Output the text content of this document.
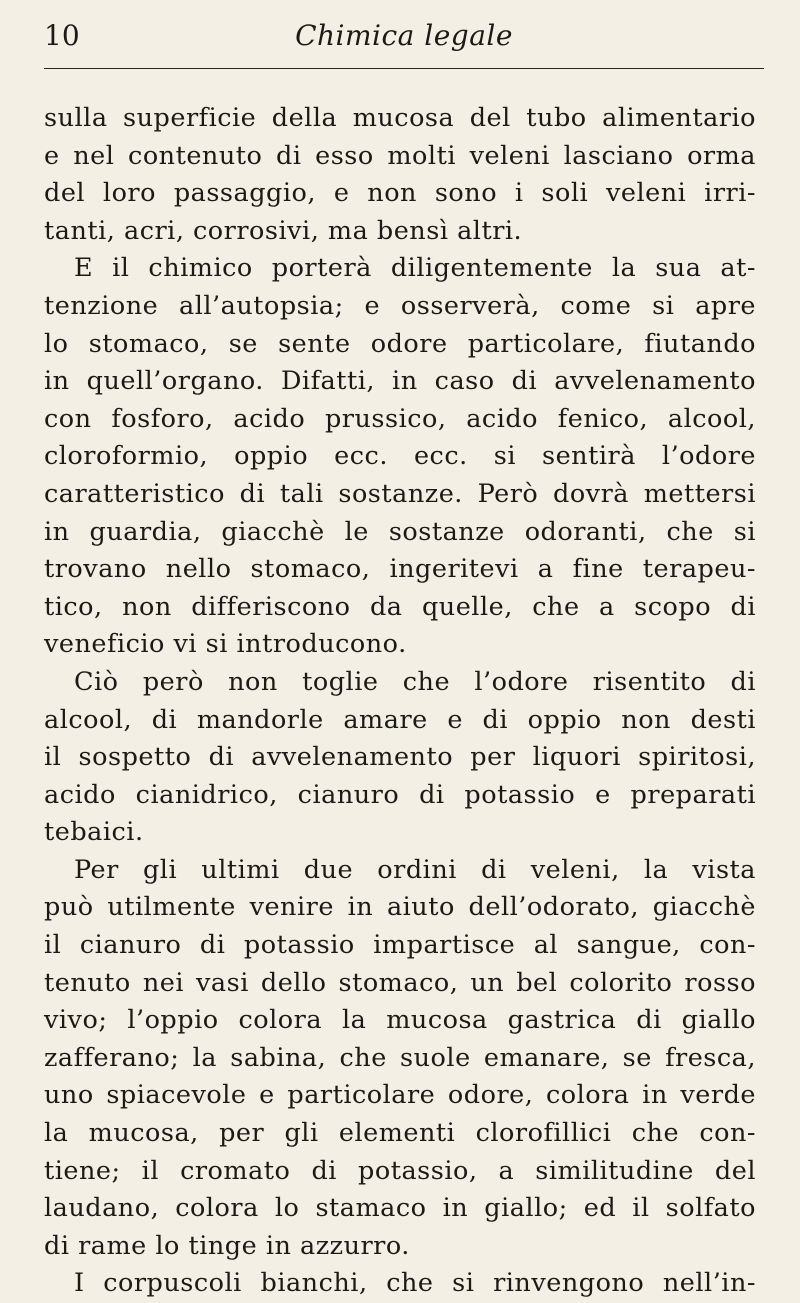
10	Chimica legale
sulla superficie della mucosa del tubo alimentario
e nel contenuto di esso molti veleni lasciano orma
del loro passaggio, e non sono i soli veleni irri-
tanti, acri, corrosivi, ma bensì altri.
E il chimico porterà diligentemente la sua at-
tenzione all’autopsia; e osserverà, come si apre
lo stomaco, se sente odore particolare, fiutando
in quell’organo. Difatti, in caso di avvelenamento
con fosforo, acido prussico, acido fenico, alcool,
cloroformio, oppio ecc. ecc. si sentirà l’odore
caratteristico di tali sostanze. Però dovrà mettersi
in guardia, giacchè le sostanze odoranti, che si
trovano nello stomaco, ingeritevi a fine terapeu-
tico, non differiscono da quelle, che a scopo di
veneficio vi si introducono.
Ciò però non toglie che l’odore risentito di
alcool, di mandorle amare e di oppio non desti
il sospetto di avvelenamento per liquori spiritosi,
acido cianidrico, cianuro di potassio e preparati
tebaici.
Per gli ultimi due ordini di veleni, la vista
può utilmente venire in aiuto dell’odorato, giacchè
il cianuro di potassio impartisce al sangue, con-
tenuto nei vasi dello stomaco, un bel colorito rosso
vivo; l’oppio colora la mucosa gastrica di giallo
zafferano; la sabina, che suole emanare, se fresca,
uno spiacevole e particolare odore, colora in verde
la mucosa, per gli elementi clorofillici che con-
tiene; il cromato di potassio, a similitudine del
laudano, colora lo stamaco in giallo; ed il solfato
di rame lo tinge in azzurro.
I corpuscoli bianchi, che si rinvengono nell’in-
